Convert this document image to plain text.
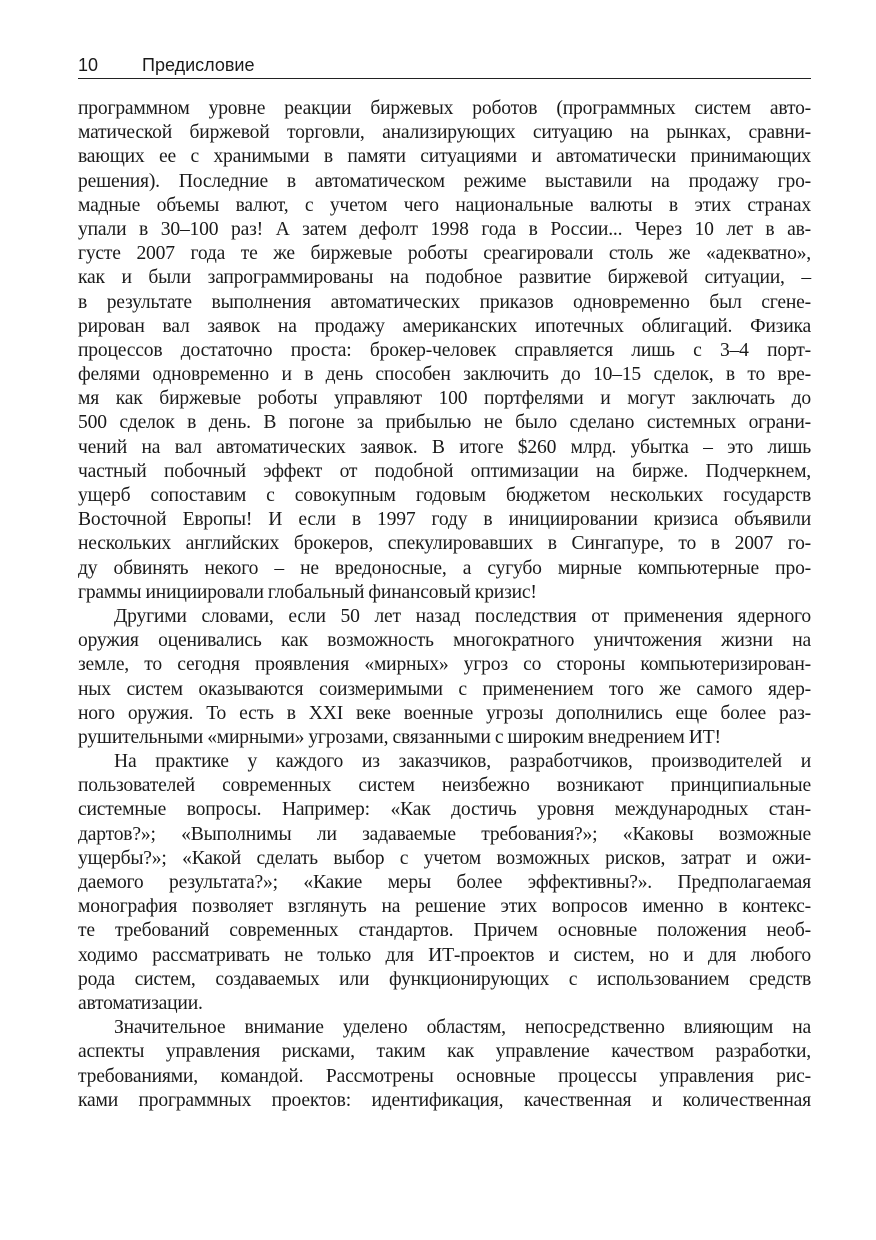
10 Предисловие
программном уровне реакции биржевых роботов (программных систем авто-
матической биржевой торговли, анализирующих ситуацию на рынках, сравни-
вающих ее с хранимыми в памяти ситуациями и автоматически принимающих
решения). Последние в автоматическом режиме выставили на продажу гро-
мадные объемы валют, с учетом чего национальные валюты в этих странах
упали в 30–100 раз! А затем дефолт 1998 года в России... Через 10 лет в ав-
густе 2007 года те же биржевые роботы среагировали столь же «адекватно»,
как и были запрограммированы на подобное развитие биржевой ситуации, –
в результате выполнения автоматических приказов одновременно был сгене-
рирован вал заявок на продажу американских ипотечных облигаций. Физика
процессов достаточно проста: брокер-человек справляется лишь с 3–4 порт-
фелями одновременно и в день способен заключить до 10–15 сделок, в то вре-
мя как биржевые роботы управляют 100 портфелями и могут заключать до
500 сделок в день. В погоне за прибылью не было сделано системных ограни-
чений на вал автоматических заявок. В итоге $260 млрд. убытка – это лишь
частный побочный эффект от подобной оптимизации на бирже. Подчеркнем,
ущерб сопоставим с совокупным годовым бюджетом нескольких государств
Восточной Европы! И если в 1997 году в инициировании кризиса объявили
нескольких английских брокеров, спекулировавших в Сингапуре, то в 2007 го-
ду обвинять некого – не вредоносные, а сугубо мирные компьютерные про-
граммы инициировали глобальный финансовый кризис!
Другими словами, если 50 лет назад последствия от применения ядерного
оружия оценивались как возможность многократного уничтожения жизни на
земле, то сегодня проявления «мирных» угроз со стороны компьютеризирован-
ных систем оказываются соизмеримыми с применением того же самого ядер-
ного оружия. То есть в XXI веке военные угрозы дополнились еще более раз-
рушительными «мирными» угрозами, связанными с широким внедрением ИТ!
На практике у каждого из заказчиков, разработчиков, производителей и
пользователей современных систем неизбежно возникают принципиальные
системные вопросы. Например: «Как достичь уровня международных стан-
дартов?»; «Выполнимы ли задаваемые требования?»; «Каковы возможные
ущербы?»; «Какой сделать выбор с учетом возможных рисков, затрат и ожи-
даемого результата?»; «Какие меры более эффективны?». Предполагаемая
монография позволяет взглянуть на решение этих вопросов именно в контекс-
те требований современных стандартов. Причем основные положения необ-
ходимо рассматривать не только для ИТ-проектов и систем, но и для любого
рода систем, создаваемых или функционирующих с использованием средств
автоматизации.
Значительное внимание уделено областям, непосредственно влияющим на
аспекты управления рисками, таким как управление качеством разработки,
требованиями, командой. Рассмотрены основные процессы управления рис-
ками программных проектов: идентификация, качественная и количественная
